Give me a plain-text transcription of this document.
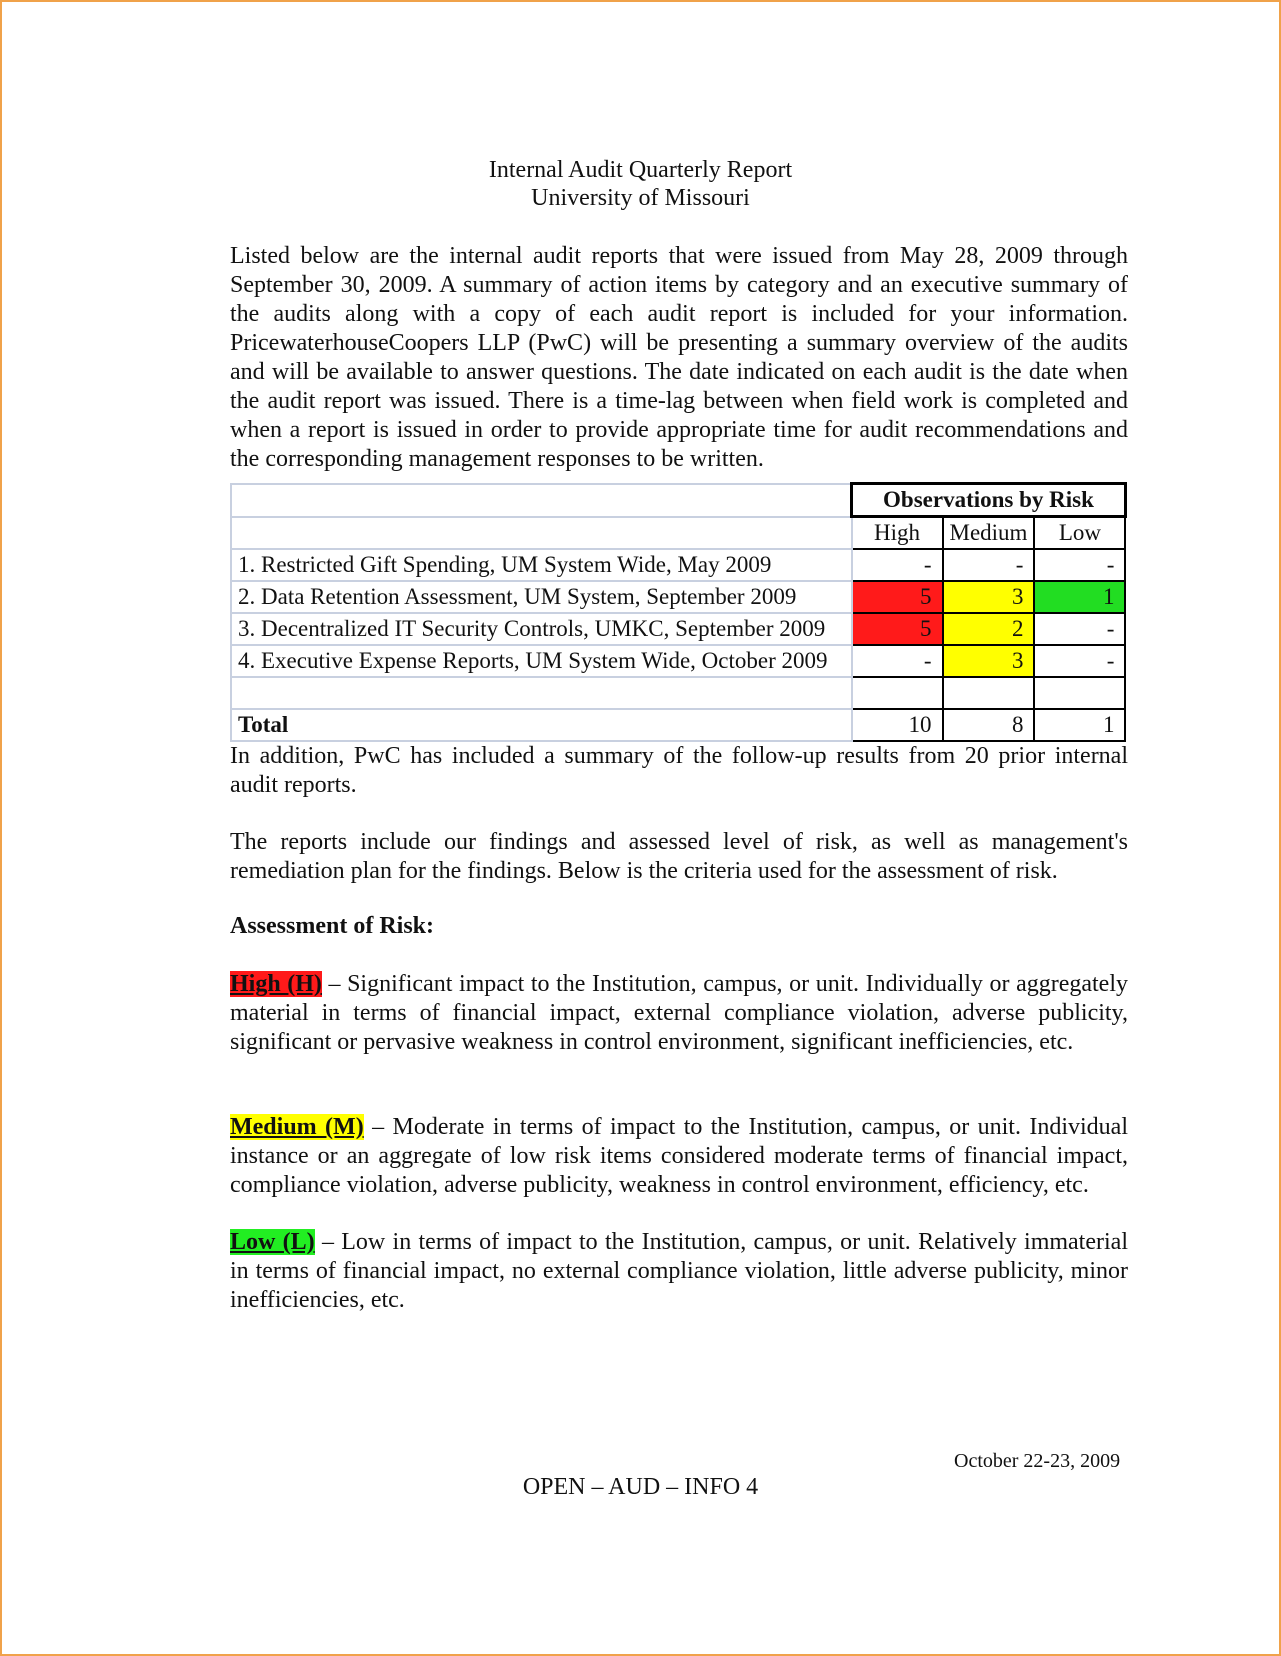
Internal Audit Quarterly Report
University of Missouri
Listed below are the internal audit reports that were issued from May 28, 2009 through September 30, 2009. A summary of action items by category and an executive summary of the audits along with a copy of each audit report is included for your information. PricewaterhouseCoopers LLP (PwC) will be presenting a summary overview of the audits and will be available to answer questions. The date indicated on each audit is the date when the audit report was issued. There is a time-lag between when field work is completed and when a report is issued in order to provide appropriate time for audit recommendations and the corresponding management responses to be written.
	Observations by Risk		
	High	Medium	Low
1. Restricted Gift Spending, UM System Wide, May 2009	-	-	-
2. Data Retention Assessment, UM System, September 2009	5	3	1
3. Decentralized IT Security Controls, UMKC, September 2009	5	2	-
4. Executive Expense Reports, UM System Wide, October 2009	-	3	-

Total	10	8	1
In addition, PwC has included a summary of the follow-up results from 20 prior internal audit reports.
The reports include our findings and assessed level of risk, as well as management's remediation plan for the findings. Below is the criteria used for the assessment of risk.
Assessment of Risk:
High (H) – Significant impact to the Institution, campus, or unit. Individually or aggregately material in terms of financial impact, external compliance violation, adverse publicity, significant or pervasive weakness in control environment, significant inefficiencies, etc.
Medium (M) – Moderate in terms of impact to the Institution, campus, or unit. Individual instance or an aggregate of low risk items considered moderate terms of financial impact, compliance violation, adverse publicity, weakness in control environment, efficiency, etc.
Low (L) – Low in terms of impact to the Institution, campus, or unit. Relatively immaterial in terms of financial impact, no external compliance violation, little adverse publicity, minor inefficiencies, etc.
October 22-23, 2009
OPEN – AUD – INFO 4
